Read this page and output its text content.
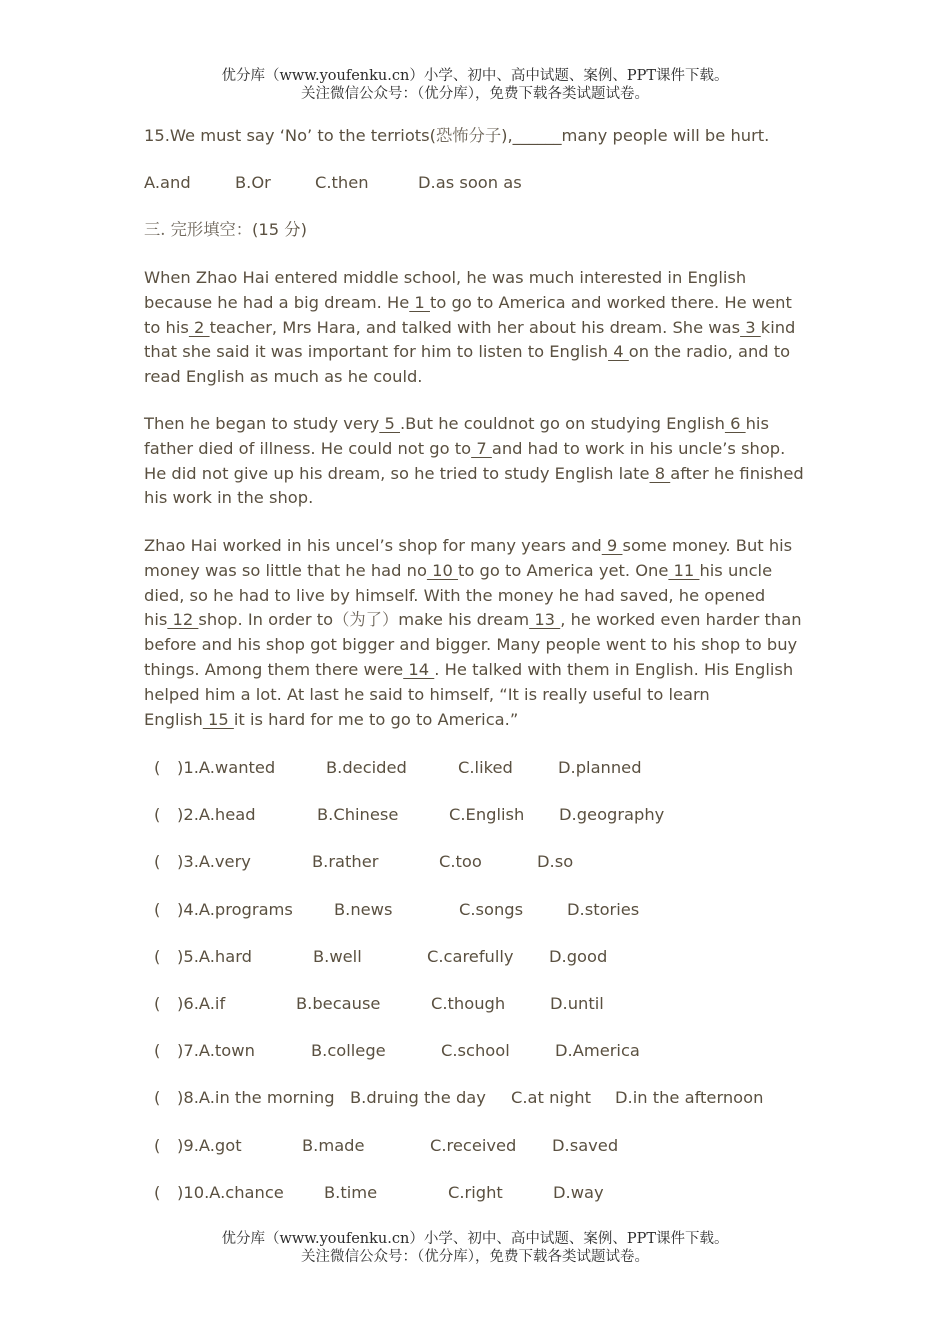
优分库（www.youfenku.cn）小学、初中、高中试题、案例、PPT课件下载。
关注微信公众号：（优分库），免费下载各类试题试卷。
15.We must say ‘No’ to the terriots(恐怖分子),______many people will be hurt.
A.and	B.Or	C.then	D.as soon as
三. 完形填空：(15 分)
When Zhao Hai entered middle school, he was much interested in English because he had a big dream. He 1 to go to America and worked there. He went to his 2 teacher, Mrs Hara, and talked with her about his dream. She was 3 kind that she said it was important for him to listen to English 4 on the radio, and to read English as much as he could.
Then he began to study very 5 .But he couldnot go on studying English 6 his father died of illness. He could not go to 7 and had to work in his uncle’s shop. He did not give up his dream, so he tried to study English late 8 after he finished his work in the shop.
Zhao Hai worked in his uncel’s shop for many years and 9 some money. But his money was so little that he had no 10 to go to America yet. One 11 his uncle died, so he had to live by himself. With the money he had saved, he opened his 12 shop. In order to（为了）make his dream 13 , he worked even harder than before and his shop got bigger and bigger. Many people went to his shop to buy things. Among them there were 14 . He talked with them in English. His English helped him a lot. At last he said to himself, “It is really useful to learn English 15 it is hard for me to go to America.”
( )1.A.wanted	B.decided	C.liked	D.planned
( )2.A.head	B.Chinese	C.English D.geography
( )3.A.very	B.rather	C.too	D.so
( )4.A.programs	B.news	C.songs	D.stories
( )5.A.hard	B.well	C.carefully D.good
( )6.A.if	B.because	C.though	D.until
( )7.A.town	B.college	C.school	D.America
( )8.A.in the morning B.druing the day C.at night D.in the afternoon
( )9.A.got	B.made	C.received D.saved
( )10.A.chance B.time	C.right	D.way
优分库（www.youfenku.cn）小学、初中、高中试题、案例、PPT课件下载。
关注微信公众号：（优分库），免费下载各类试题试卷。
